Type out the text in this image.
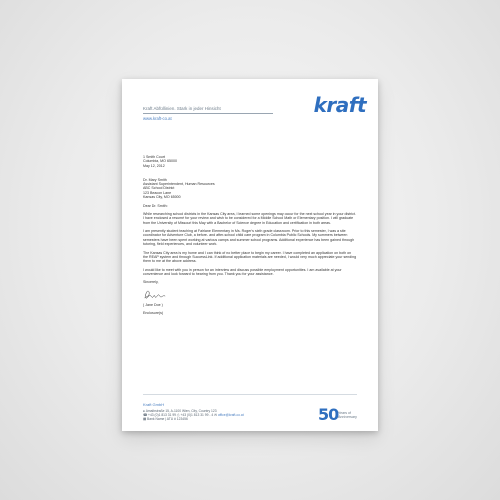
Kraft Abfüllinien. Stark in jeder Hinsicht
www.kraft-co.at
kraft

1 Smith Court

Columbia, MO 65000

May 12, 2012

Dr. Mary Smith

Assistant Superintendent, Human Resources

ABC School District

123 Beacon Lane

Kansas City, MO 65000

Dear Dr. Smith:

While researching school districts in the Kansas City area, I learned some openings may occur for the next school year in your district. I have enclosed a resumé for your review and wish to be considered for a Middle School Math or Elementary position. I will graduate from the University of Missouri this May with a Bachelor of Science degree in Education and certification in both areas.

I am presently student teaching at Fairlane Elementary in Ms. Roger's sixth grade classroom. Prior to this semester, I was a site coordinator for Adventure Club, a before- and after-school child care program in Columbia Public Schools. My summers between semesters have been spent working at various camps and summer school programs. Additional experience has been gained through tutoring, field experiences, and volunteer work.

The Kansas City area is my home and I can think of no better place to begin my career. I have completed an application on both on the REAP system and through SuccessLink. If additional application materials are needed, I would very much appreciate your sending them to me at the above address.

I would like to meet with you in person for an interview and discuss possible employment opportunities. I am available at your convenience and look forward to hearing from you. Thank you for your assistance.

Sincerely,

( Jane Doe )

Enclosure(s)

Kraft GmbH
● Amalbstraße 15, A-1100 Wien, City, Country 123
☎ +43 (0)1 813 31 99 ⎙ +43 (0)1 813 31 99 - 4 ✉ office@kraft-co.at
▦ Bank Name | ATU # 123456	50 Years of
Anniversary
